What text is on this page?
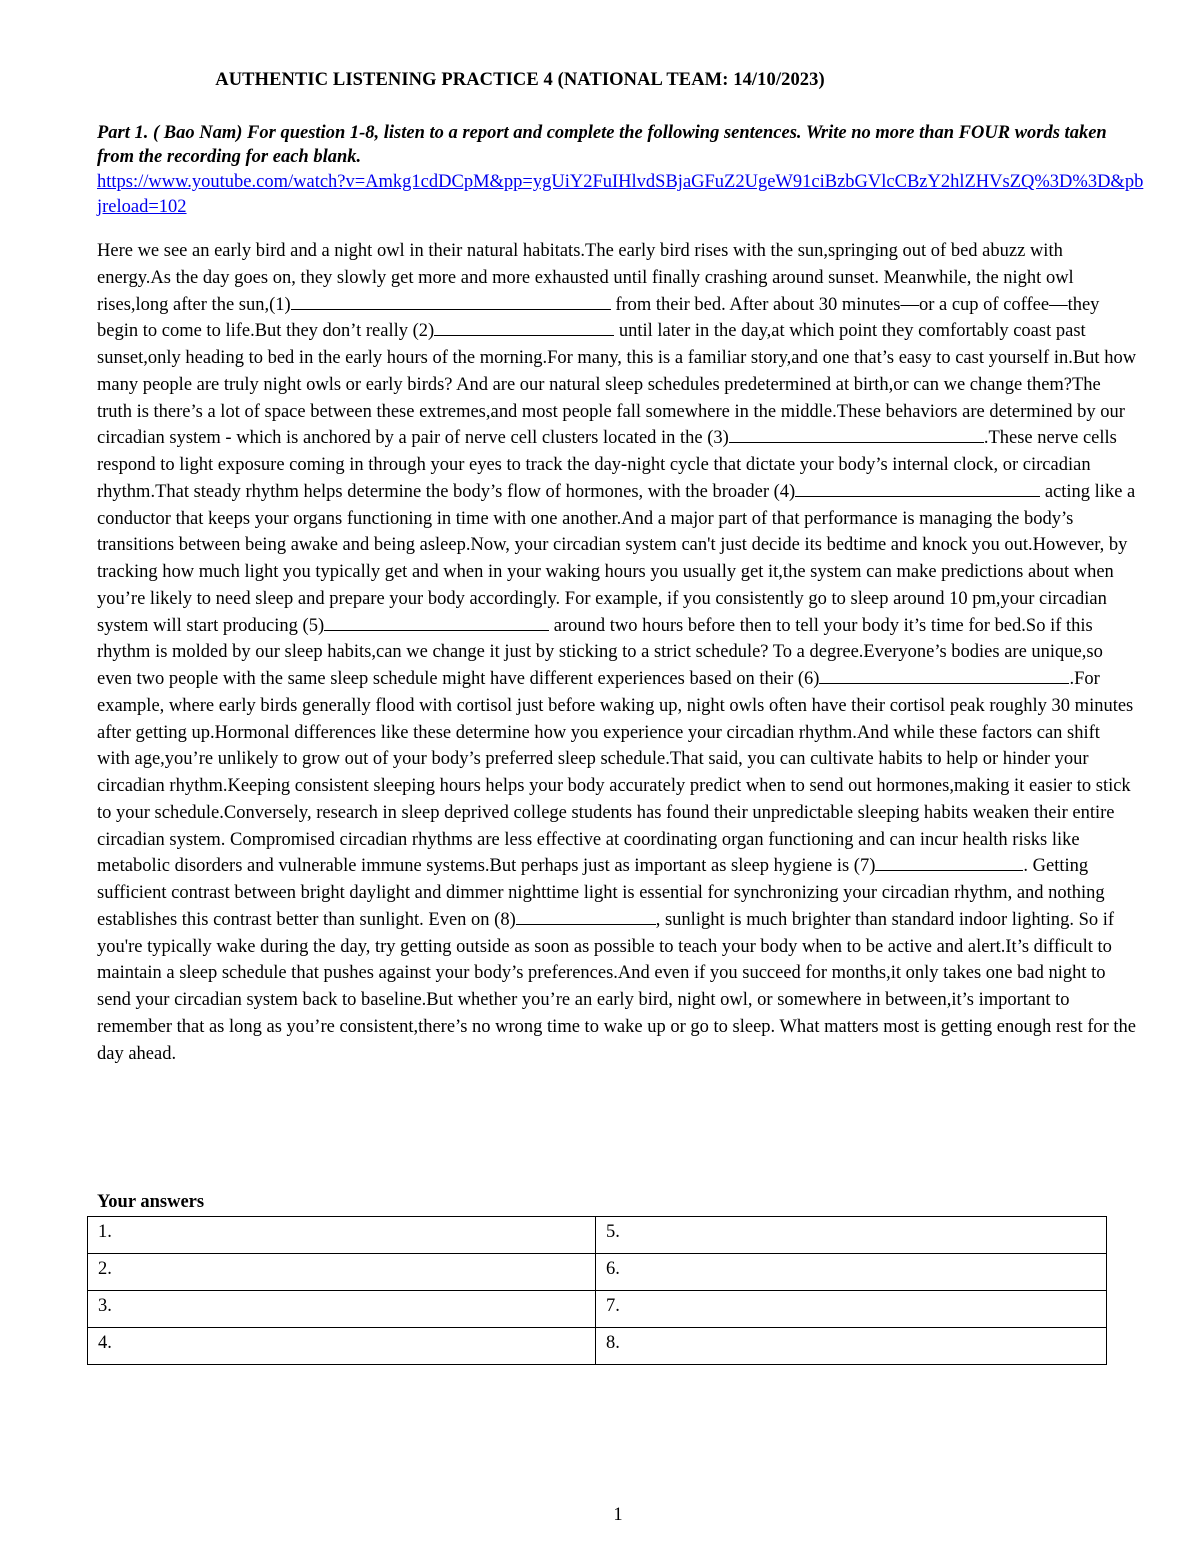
AUTHENTIC LISTENING PRACTICE 4 (NATIONAL TEAM: 14/10/2023)
Part 1. ( Bao Nam) For question 1-8, listen to a report and complete the following sentences. Write no more than FOUR words taken from the recording for each blank.
https://www.youtube.com/watch?v=Amkg1cdDCpM&pp=ygUiY2FuIHlvdSBjaGFuZ2UgeW91ciBzbGVlcCBzY2hlZHVsZQ%3D%3D&pbjreload=102
Here we see an early bird and a night owl in their natural habitats.The early bird rises with the sun,springing out of bed abuzz with energy.As the day goes on, they slowly get more and more exhausted until finally crashing around sunset. Meanwhile, the night owl rises,long after the sun,(1)	from their bed. After about 30 minutes—or a cup of coffee—they begin to come to life.But they don’t really (2)	until later in the day,at which point they comfortably coast past sunset,only heading to bed in the early hours of the morning.For many, this is a familiar story,and one that’s easy to cast yourself in.But how many people are truly night owls or early birds? And are our natural sleep schedules predetermined at birth,or can we change them?The truth is there’s a lot of space between these extremes,and most people fall somewhere in the middle.These behaviors are determined by our circadian system - which is anchored by a pair of nerve cell clusters located in the (3)	.These nerve cells respond to light exposure coming in through your eyes to track the day-night cycle that dictate your body’s internal clock, or circadian rhythm.That steady rhythm helps determine the body’s flow of hormones, with the broader (4)	acting like a conductor that keeps your organs functioning in time with one another.And a major part of that performance is managing the body’s transitions between being awake and being asleep.Now, your circadian system can't just decide its bedtime and knock you out.However, by tracking how much light you typically get and when in your waking hours you usually get it,the system can make predictions about when you’re likely to need sleep and prepare your body accordingly. For example, if you consistently go to sleep around 10 pm,your circadian system will start producing (5)	around two hours before then to tell your body it’s time for bed.So if this rhythm is molded by our sleep habits,can we change it just by sticking to a strict schedule? To a degree.Everyone’s bodies are unique,so even two people with the same sleep schedule might have different experiences based on their (6)	.For example, where early birds generally flood with cortisol just before waking up, night owls often have their cortisol peak roughly 30 minutes after getting up.Hormonal differences like these determine how you experience your circadian rhythm.And while these factors can shift with age,you’re unlikely to grow out of your body’s preferred sleep schedule.That said, you can cultivate habits to help or hinder your circadian rhythm.Keeping consistent sleeping hours helps your body accurately predict when to send out hormones,making it easier to stick to your schedule.Conversely, research in sleep deprived college students has found their unpredictable sleeping habits weaken their entire circadian system. Compromised circadian rhythms are less effective at coordinating organ functioning and can incur health risks like metabolic disorders and vulnerable immune systems.But perhaps just as important as sleep hygiene is (7)	. Getting sufficient contrast between bright daylight and dimmer nighttime light is essential for synchronizing your circadian rhythm, and nothing establishes this contrast better than sunlight. Even on (8)	, sunlight is much brighter than standard indoor lighting. So if you're typically wake during the day, try getting outside as soon as possible to teach your body when to be active and alert.It’s difficult to maintain a sleep schedule that pushes against your body’s preferences.And even if you succeed for months,it only takes one bad night to send your circadian system back to baseline.But whether you’re an early bird, night owl, or somewhere in between,it’s important to remember that as long as you’re consistent,there’s no wrong time to wake up or go to sleep. What matters most is getting enough rest for the day ahead.
Your answers
1.	5.
2.	6.
3.	7.
4.	8.
1
